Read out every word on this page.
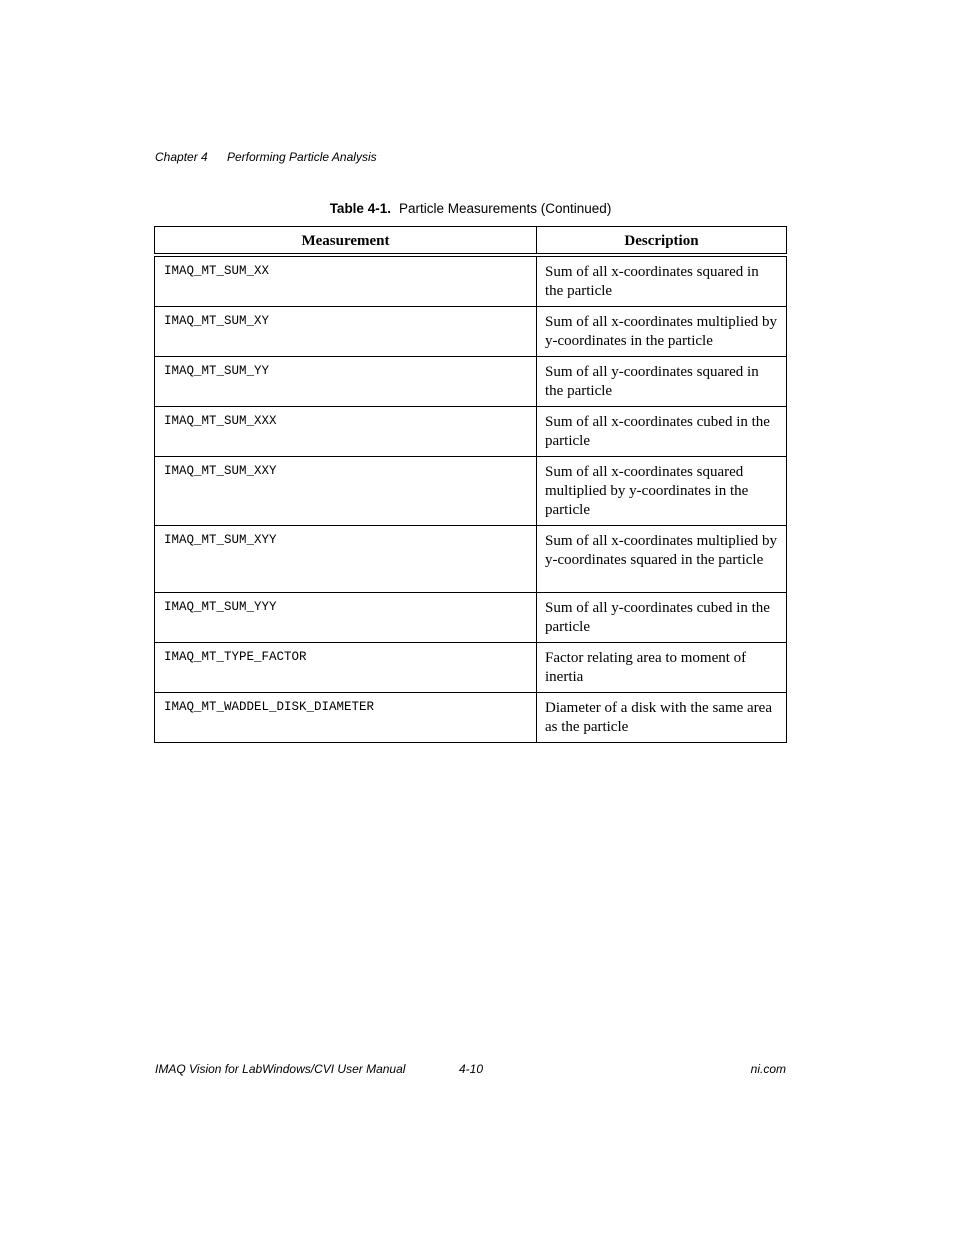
Chapter 4	Performing Particle Analysis
Table 4-1. Particle Measurements (Continued)
Measurement	Description
IMAQ_MT_SUM_XX	Sum of all x-coordinates squared in the particle
IMAQ_MT_SUM_XY	Sum of all x-coordinates multiplied by y-coordinates in the particle
IMAQ_MT_SUM_YY	Sum of all y-coordinates squared in the particle
IMAQ_MT_SUM_XXX	Sum of all x-coordinates cubed in the particle
IMAQ_MT_SUM_XXY	Sum of all x-coordinates squared multiplied by y-coordinates in the particle
IMAQ_MT_SUM_XYY	Sum of all x-coordinates multiplied by y-coordinates squared in the particle
IMAQ_MT_SUM_YYY	Sum of all y-coordinates cubed in the particle
IMAQ_MT_TYPE_FACTOR	Factor relating area to moment of inertia
IMAQ_MT_WADDEL_DISK_DIAMETER	Diameter of a disk with the same area as the particle
IMAQ Vision for LabWindows/CVI User Manual	4-10	ni.com
